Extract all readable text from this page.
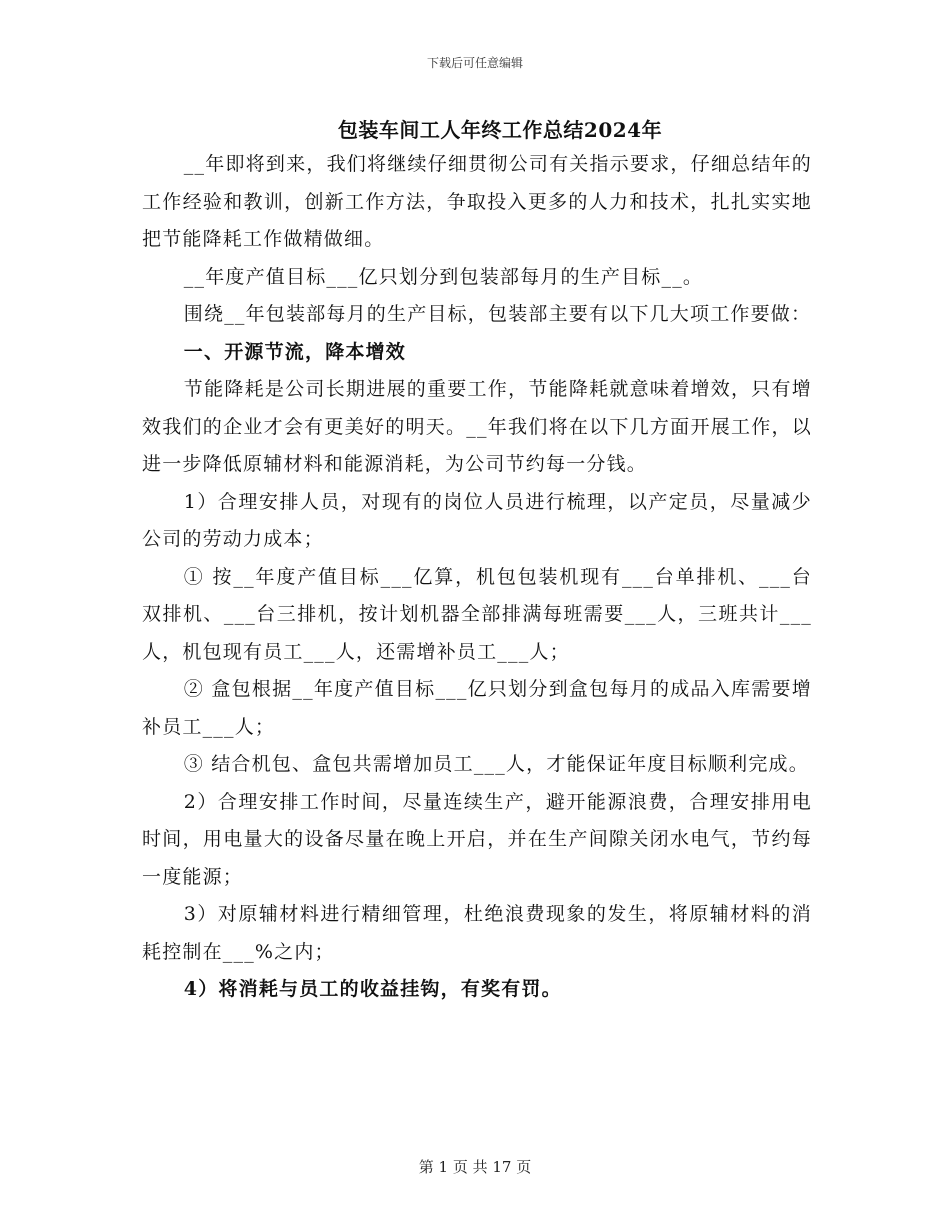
下载后可任意编辑
包装车间工人年终工作总结2024年

__年即将到来，我们将继续仔细贯彻公司有关指示要求，仔细总结年的工作经验和教训，创新工作方法，争取投入更多的人力和技术，扎扎实实地把节能降耗工作做精做细。

__年度产值目标___亿只划分到包装部每月的生产目标__。

围绕__年包装部每月的生产目标，包装部主要有以下几大项工作要做：

一、开源节流，降本增效

节能降耗是公司长期进展的重要工作，节能降耗就意味着增效，只有增效我们的企业才会有更美好的明天。__年我们将在以下几方面开展工作，以进一步降低原辅材料和能源消耗，为公司节约每一分钱。

1）合理安排人员，对现有的岗位人员进行梳理，以产定员，尽量减少公司的劳动力成本；

① 按__年度产值目标___亿算，机包包装机现有___台单排机、___台双排机、___台三排机，按计划机器全部排满每班需要___人，三班共计___人，机包现有员工___人，还需增补员工___人；

② 盒包根据__年度产值目标___亿只划分到盒包每月的成品入库需要增补员工___人；

③ 结合机包、盒包共需增加员工___人，才能保证年度目标顺利完成。

2）合理安排工作时间，尽量连续生产，避开能源浪费，合理安排用电时间，用电量大的设备尽量在晚上开启，并在生产间隙关闭水电气，节约每一度能源；

3）对原辅材料进行精细管理，杜绝浪费现象的发生，将原辅材料的消耗控制在___%之内；

4）将消耗与员工的收益挂钩，有奖有罚。

第 1 页 共 17 页
